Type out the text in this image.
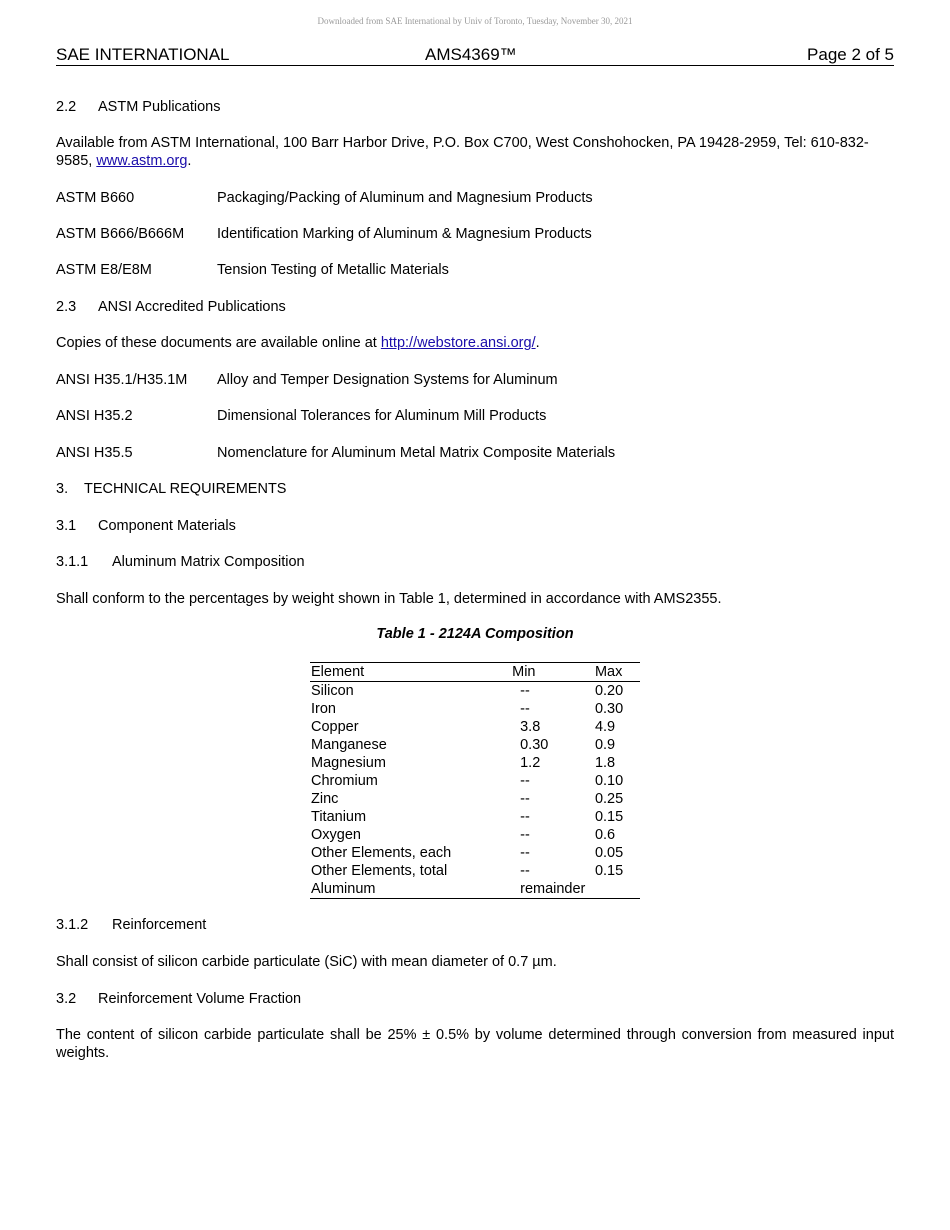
Downloaded from SAE International by Univ of Toronto, Tuesday, November 30, 2021
SAE INTERNATIONAL	AMS4369™	Page 2 of 5
2.2 ASTM Publications
Available from ASTM International, 100 Barr Harbor Drive, P.O. Box C700, West Conshohocken, PA 19428-2959, Tel: 610-832-9585, www.astm.org.
ASTM B660	Packaging/Packing of Aluminum and Magnesium Products
ASTM B666/B666M Identification Marking of Aluminum & Magnesium Products
ASTM E8/E8M	Tension Testing of Metallic Materials
2.3 ANSI Accredited Publications
Copies of these documents are available online at http://webstore.ansi.org/.
ANSI H35.1/H35.1M Alloy and Temper Designation Systems for Aluminum
ANSI H35.2	Dimensional Tolerances for Aluminum Mill Products
ANSI H35.5	Nomenclature for Aluminum Metal Matrix Composite Materials
3. TECHNICAL REQUIREMENTS
3.1 Component Materials
3.1.1 Aluminum Matrix Composition
Shall conform to the percentages by weight shown in Table 1, determined in accordance with AMS2355.
Table 1 - 2124A Composition
Element	Min	Max
Silicon	--	0.20
Iron	--	0.30
Copper	3.8	4.9
Manganese	0.30	0.9
Magnesium	1.2	1.8
Chromium	--	0.10
Zinc	--	0.25
Titanium	--	0.15
Oxygen	--	0.6
Other Elements, each	--	0.05
Other Elements, total	--	0.15
Aluminum	remainder	
3.1.2 Reinforcement
Shall consist of silicon carbide particulate (SiC) with mean diameter of 0.7 µm.
3.2 Reinforcement Volume Fraction
The content of silicon carbide particulate shall be 25% ± 0.5% by volume determined through conversion from measured input weights.
